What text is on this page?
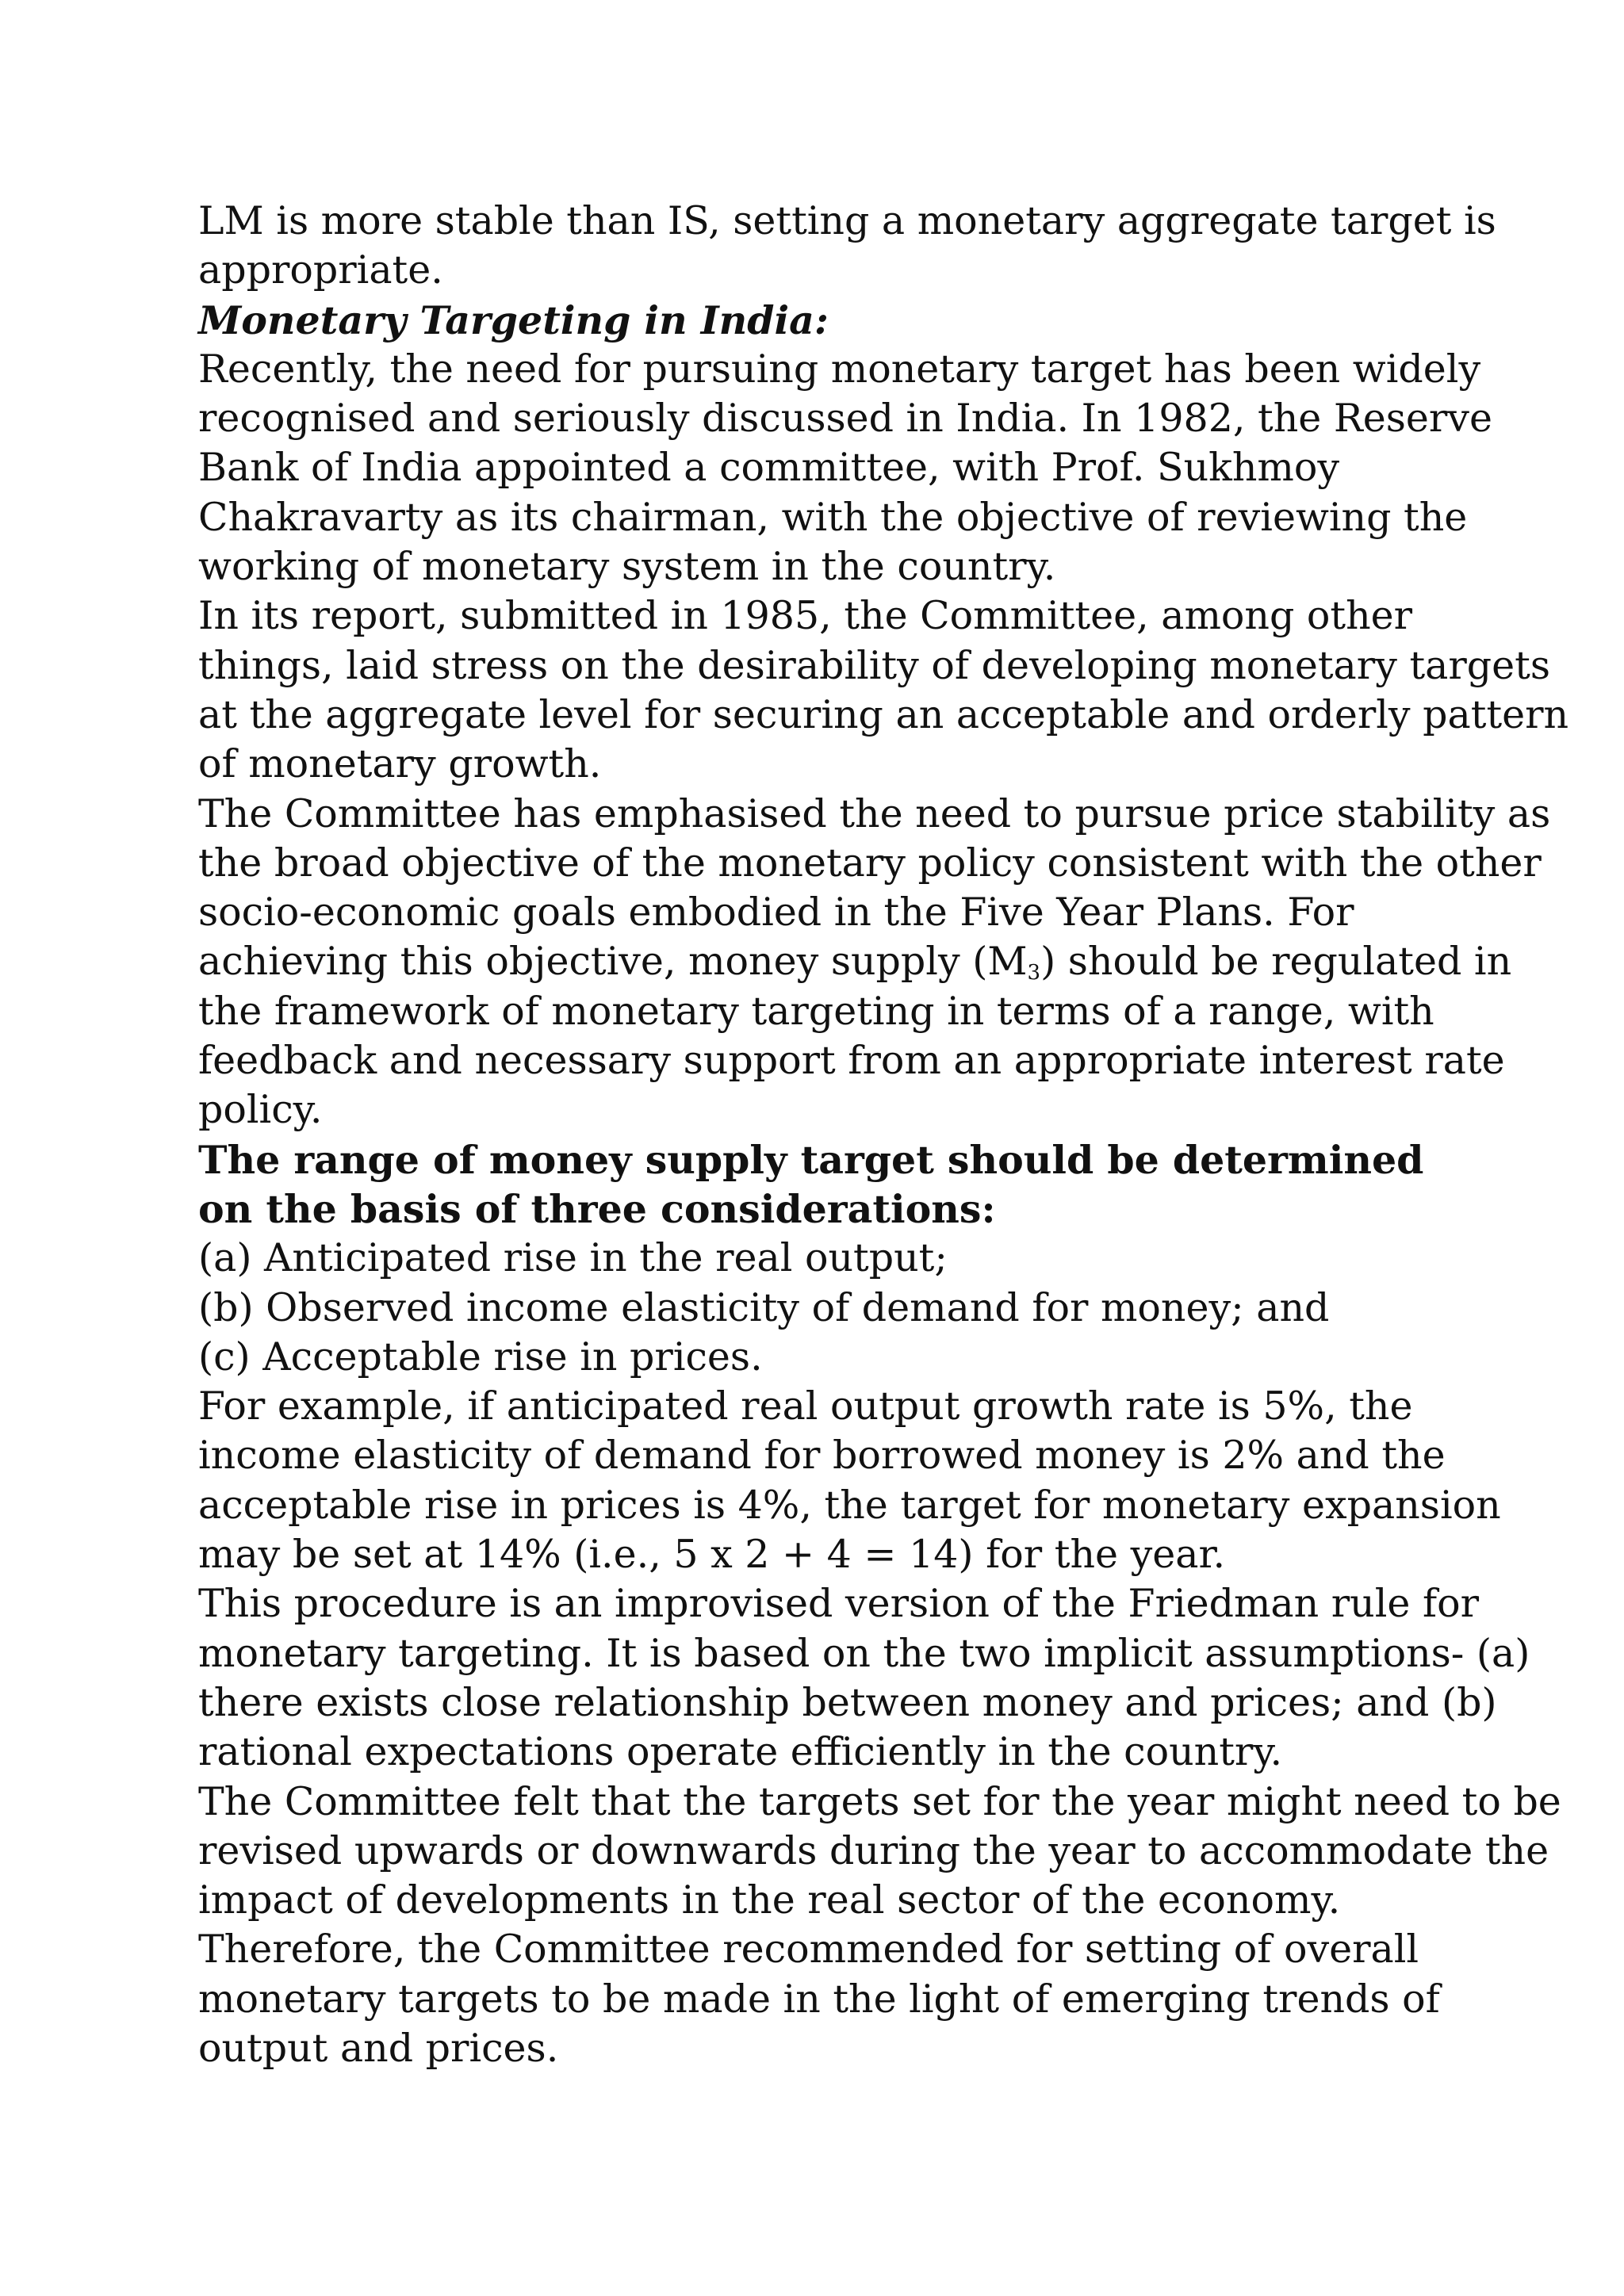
LM is more stable than IS, setting a monetary aggregate target is
appropriate.
Monetary Targeting in India:
Recently, the need for pursuing monetary target has been widely
recognised and seriously discussed in India. In 1982, the Reserve
Bank of India appointed a committee, with Prof. Sukhmoy
Chakravarty as its chairman, with the objective of reviewing the
working of monetary system in the country.
In its report, submitted in 1985, the Committee, among other
things, laid stress on the desirability of developing monetary targets
at the aggregate level for securing an acceptable and orderly pattern
of monetary growth.
The Committee has emphasised the need to pursue price stability as
the broad objective of the monetary policy consistent with the other
socio-economic goals embodied in the Five Year Plans. For
achieving this objective, money supply $(M_3)$ should be regulated in
the framework of monetary targeting in terms of a range, with
feedback and necessary support from an appropriate interest rate
policy.
The range of money supply target should be determined
on the basis of three considerations:
(a) Anticipated rise in the real output;
(b) Observed income elasticity of demand for money; and
(c) Acceptable rise in prices.
For example, if anticipated real output growth rate is 5%, the
income elasticity of demand for borrowed money is 2% and the
acceptable rise in prices is 4%, the target for monetary expansion
may be set at 14% (i.e., 5 x 2 + 4 = 14) for the year.
This procedure is an improvised version of the Friedman rule for
monetary targeting. It is based on the two implicit assumptions- (a)
there exists close relationship between money and prices; and (b)
rational expectations operate efficiently in the country.
The Committee felt that the targets set for the year might need to be
revised upwards or downwards during the year to accommodate the
impact of developments in the real sector of the economy.
Therefore, the Committee recommended for setting of overall
monetary targets to be made in the light of emerging trends of
output and prices.
